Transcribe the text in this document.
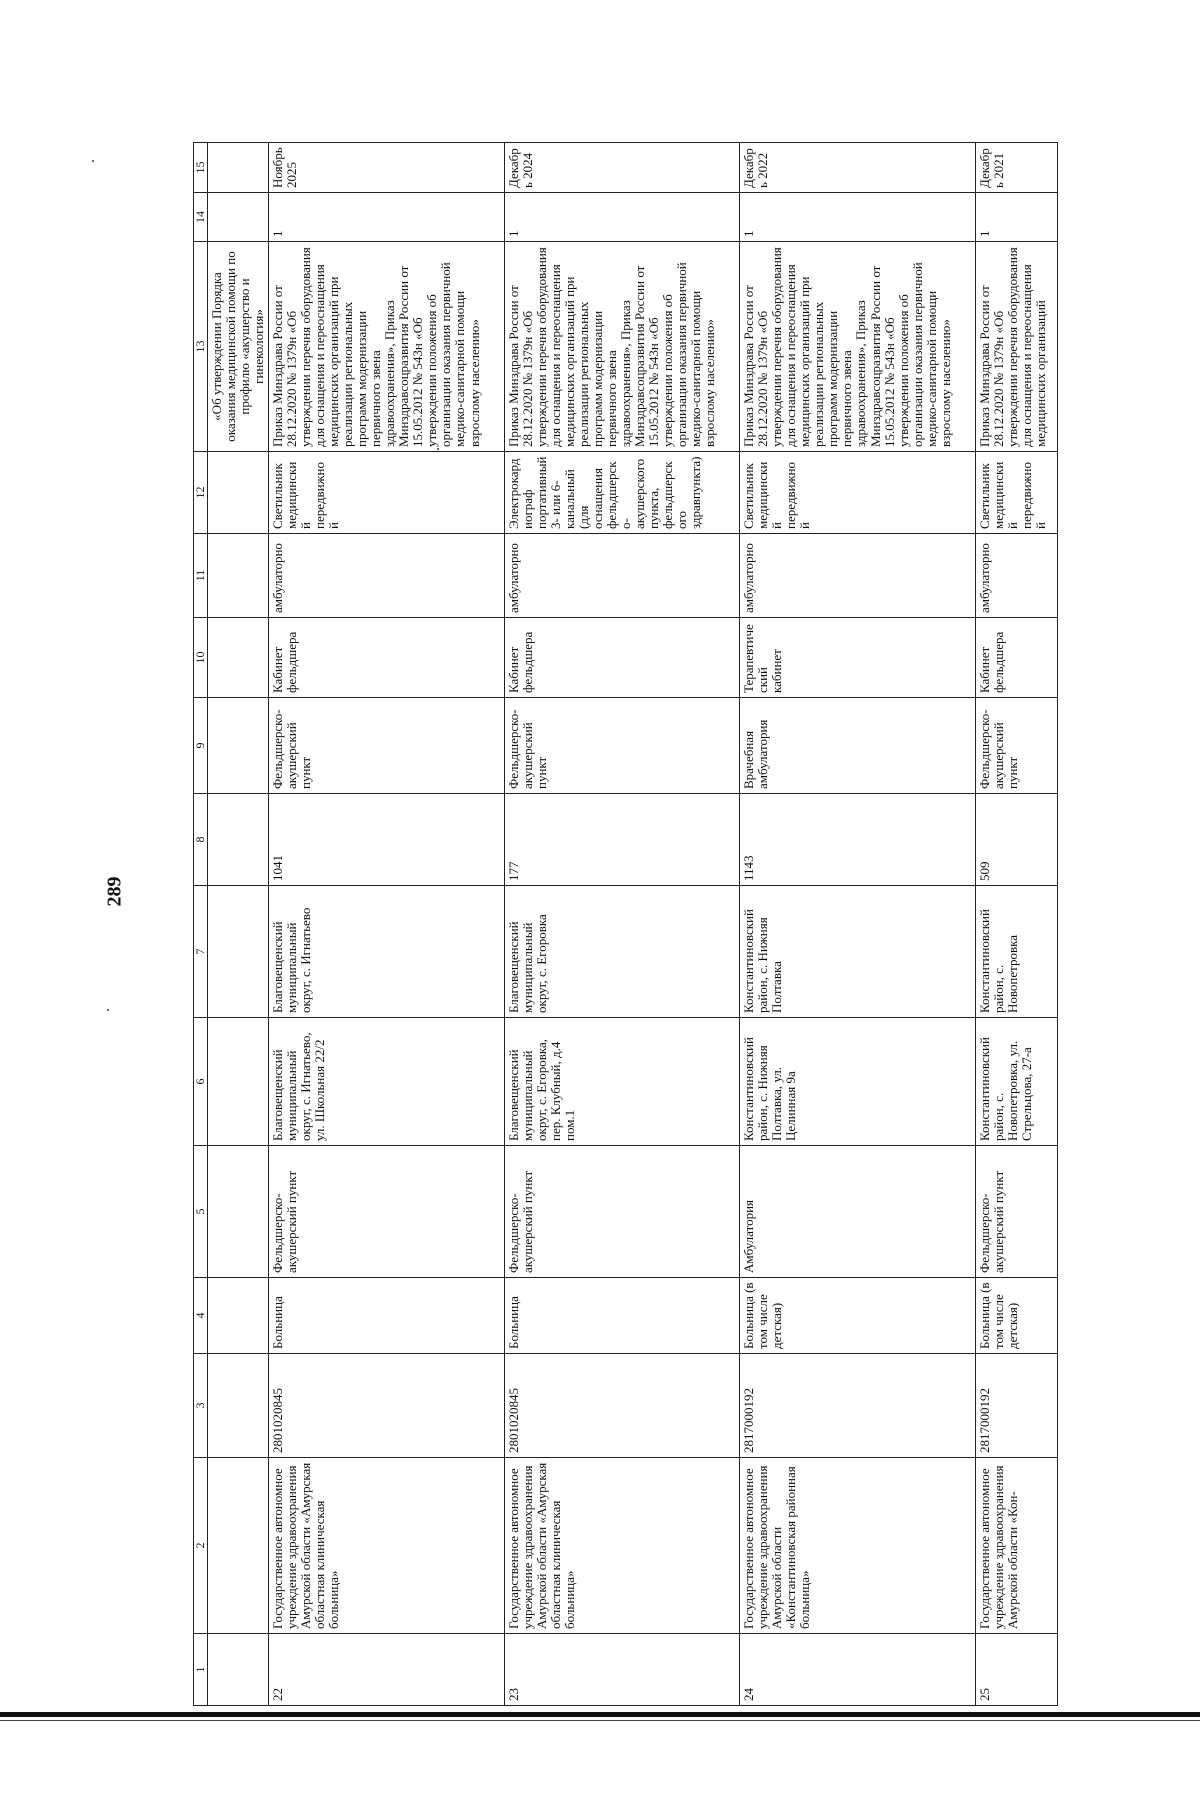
289
1	2	3	4	5	6	7	8	9	10	11	12	13	14	15
												«Об утверждении Порядка оказания медицинской помощи по профилю «акушерство и гинекология»		
22	Государственное автономное учреждение здравоохранения Амурской области «Амурская областная клиническая больница»	2801020845	Больница	Фельдшерско-акушерский пункт	Благовещенский муниципальный округ, с. Игнатьево, ул. Школьная 22/2	Благовещенский муниципальный округ, с. Игнатьево	1041	Фельдшерско-акушерский пункт	Кабинет фельдшера	амбулаторно	Светильник медицинский передвижной	Приказ Минздрава России от 28.12.2020 № 1379н «Об утверждении перечня оборудования для оснащения и переоснащения медицинских организаций при реализации региональных программ модернизации первичного звена здравоохранения», Приказ Минздравсоцразвития России от 15.05.2012 № 543н «Об утверждении положения об организации оказания первичной медико-санитарной помощи взрослому населению»	1	Ноябрь 2025
23	Государственное автономное учреждение здравоохранения Амурской области «Амурская областная клиническая больница»	2801020845	Больница	Фельдшерско-акушерский пункт	Благовещенский муниципальный округ, с. Егоровка, пер. Клубный, д.4 пом.1	Благовещенский муниципальный округ, с. Егоровка	177	Фельдшерско-акушерский пункт	Кабинет фельдшера	амбулаторно	Электрокардиограф портативный 3- или 6-канальный (для оснащения фельдшерско-акушерского пункта, фельдшерского здравпункта)	Приказ Минздрава России от 28.12.2020 № 1379н «Об утверждении перечня оборудования для оснащения и переоснащения медицинских организаций при реализации региональных программ модернизации первичного звена здравоохранения», Приказ Минздравсоцразвития России от 15.05.2012 № 543н «Об утверждении положения об организации оказания первичной медико-санитарной помощи взрослому населению»	1	Декабрь 2024
24	Государственное автономное учреждение здравоохранения Амурской области «Константиновская районная больница»	2817000192	Больница (в том числе детская)	Амбулатория	Константиновский район, с. Нижняя Полтавка, ул. Целинная 9а	Константиновский район, с. Нижняя Полтавка	1143	Врачебная амбулатория	Терапевтический кабинет	амбулаторно	Светильник медицинский передвижной	Приказ Минздрава России от 28.12.2020 № 1379н «Об утверждении перечня оборудования для оснащения и переоснащения медицинских организаций при реализации региональных программ модернизации первичного звена здравоохранения», Приказ Минздравсоцразвития России от 15.05.2012 № 543н «Об утверждении положения об организации оказания первичной медико-санитарной помощи взрослому населению»	1	Декабрь 2022
25	Государственное автономное учреждение здравоохранения Амурской области «Кон-	2817000192	Больница (в том числе детская)	Фельдшерско-акушерский пункт	Константиновский район, с. Новопетровка, ул. Стрельцова, 27-а	Константиновский район, с. Новопетровка	509	Фельдшерско-акушерский пункт	Кабинет фельдшера	амбулаторно	Светильник медицинский передвижной	Приказ Минздрава России от 28.12.2020 № 1379н «Об утверждении перечня оборудования для оснащения и переоснащения медицинских организаций	1	Декабрь 2021
